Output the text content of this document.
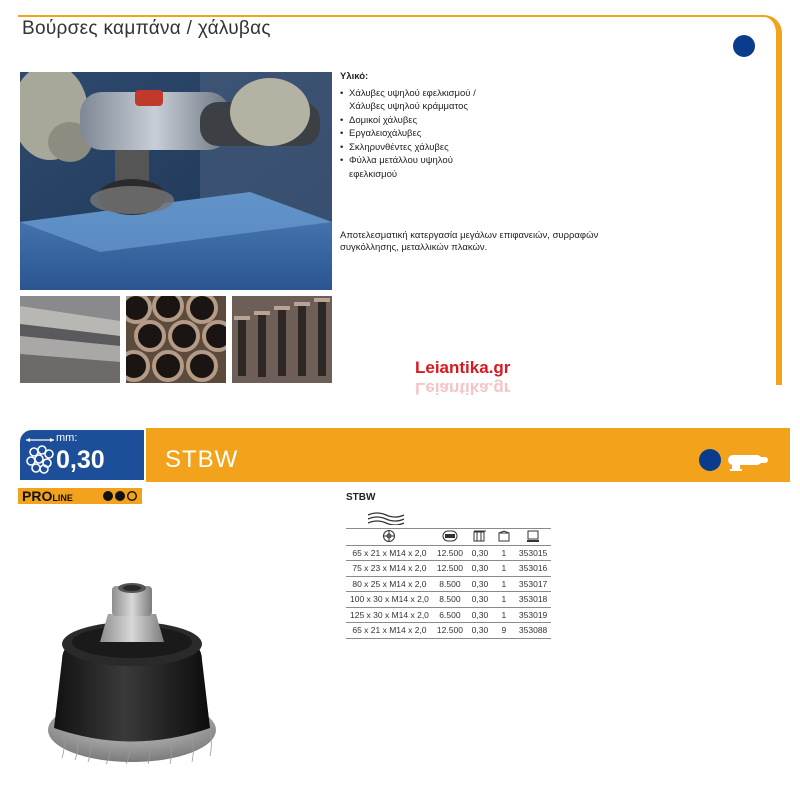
Βούρσες καμπάνα / χάλυβας
Υλικό:
• Χάλυβες υψηλού εφελκισμού /
Χάλυβες υψηλού κράμματος
• Δομικοί χάλυβες
• Εργαλειοχάλυβες
• Σκληρυνθέντες χάλυβες
• Φύλλα μετάλλου υψηλού
εφελκισμού
Αποτελεσματική κατεργασία μεγάλων επιφανειών, συρραφών συγκόλλησης, μεταλλικών πλακών.
Leiantika.gr
Leiantika.gr
mm:
0,30	STBW
PROLINE	STBW

65 x 21 x M14 x 2,0	12.500	0,30	1	353015
75 x 23 x M14 x 2,0	12.500	0,30	1	353016
80 x 25 x M14 x 2,0	8.500	0,30	1	353017
100 x 30 x M14 x 2,0	8.500	0,30	1	353018
125 x 30 x M14 x 2,0	6.500	0,30	1	353019
65 x 21 x M14 x 2,0	12.500	0,30	9	353088
